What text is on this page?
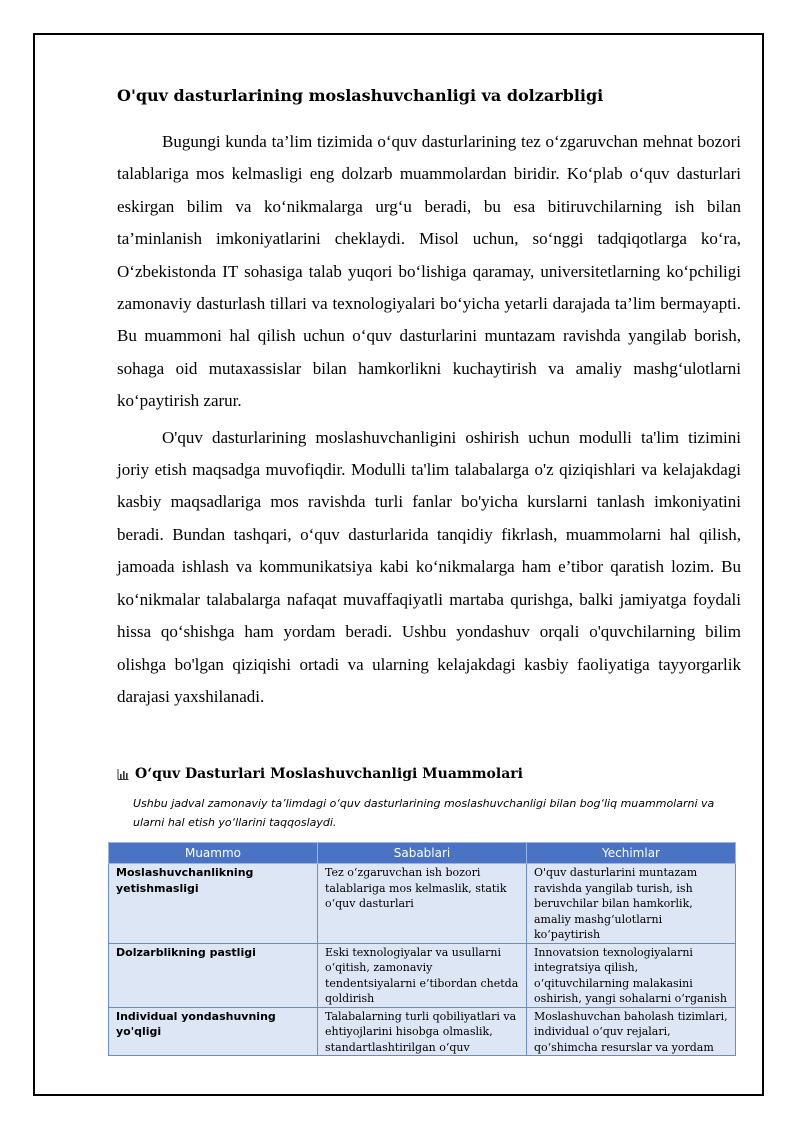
O'quv dasturlarining moslashuvchanligi va dolzarbligi

Bugungi kunda ta’lim tizimida o‘quv dasturlarining tez o‘zgaruvchan mehnat bozori talablariga mos kelmasligi eng dolzarb muammolardan biridir. Ko‘plab o‘quv dasturlari eskirgan bilim va ko‘nikmalarga urg‘u beradi, bu esa bitiruvchilarning ish bilan ta’minlanish imkoniyatlarini cheklaydi. Misol uchun, so‘nggi tadqiqotlarga ko‘ra, O‘zbekistonda IT sohasiga talab yuqori bo‘lishiga qaramay, universitetlarning ko‘pchiligi zamonaviy dasturlash tillari va texnologiyalari bo‘yicha yetarli darajada ta’lim bermayapti. Bu muammoni hal qilish uchun o‘quv dasturlarini muntazam ravishda yangilab borish, sohaga oid mutaxassislar bilan hamkorlikni kuchaytirish va amaliy mashg‘ulotlarni ko‘paytirish zarur.

O'quv dasturlarining moslashuvchanligini oshirish uchun modulli ta'lim tizimini joriy etish maqsadga muvofiqdir. Modulli ta'lim talabalarga o'z qiziqishlari va kelajakdagi kasbiy maqsadlariga mos ravishda turli fanlar bo'yicha kurslarni tanlash imkoniyatini beradi. Bundan tashqari, o‘quv dasturlarida tanqidiy fikrlash, muammolarni hal qilish, jamoada ishlash va kommunikatsiya kabi ko‘nikmalarga ham e’tibor qaratish lozim. Bu ko‘nikmalar talabalarga nafaqat muvaffaqiyatli martaba qurishga, balki jamiyatga foydali hissa qo‘shishga ham yordam beradi. Ushbu yondashuv orqali o'quvchilarning bilim olishga bo'lgan qiziqishi ortadi va ularning kelajakdagi kasbiy faoliyatiga tayyorgarlik darajasi yaxshilanadi.

O‘quv Dasturlari Moslashuvchanligi Muammolari
Ushbu jadval zamonaviy ta’limdagi o‘quv dasturlarining moslashuvchanligi bilan bog‘liq muammolarni va ularni hal etish yo‘llarini taqqoslaydi.
Muammo	Sabablari	Yechimlar
Moslashuvchanlikning yetishmasligi	Tez o‘zgaruvchan ish bozori talablariga mos kelmaslik, statik o‘quv dasturlari	O'quv dasturlarini muntazam ravishda yangilab turish, ish beruvchilar bilan hamkorlik, amaliy mashg‘ulotlarni ko‘paytirish
Dolzarblikning pastligi	Eski texnologiyalar va usullarni o‘qitish, zamonaviy tendentsiyalarni e’tibordan chetda qoldirish	Innovatsion texnologiyalarni integratsiya qilish, o‘qituvchilarning malakasini oshirish, yangi sohalarni o‘rganish
Individual yondashuvning yo'qligi	Talabalarning turli qobiliyatlari va ehtiyojlarini hisobga olmaslik, standartlashtirilgan o‘quv	Moslashuvchan baholash tizimlari, individual o‘quv rejalari, qo‘shimcha resurslar va yordam
